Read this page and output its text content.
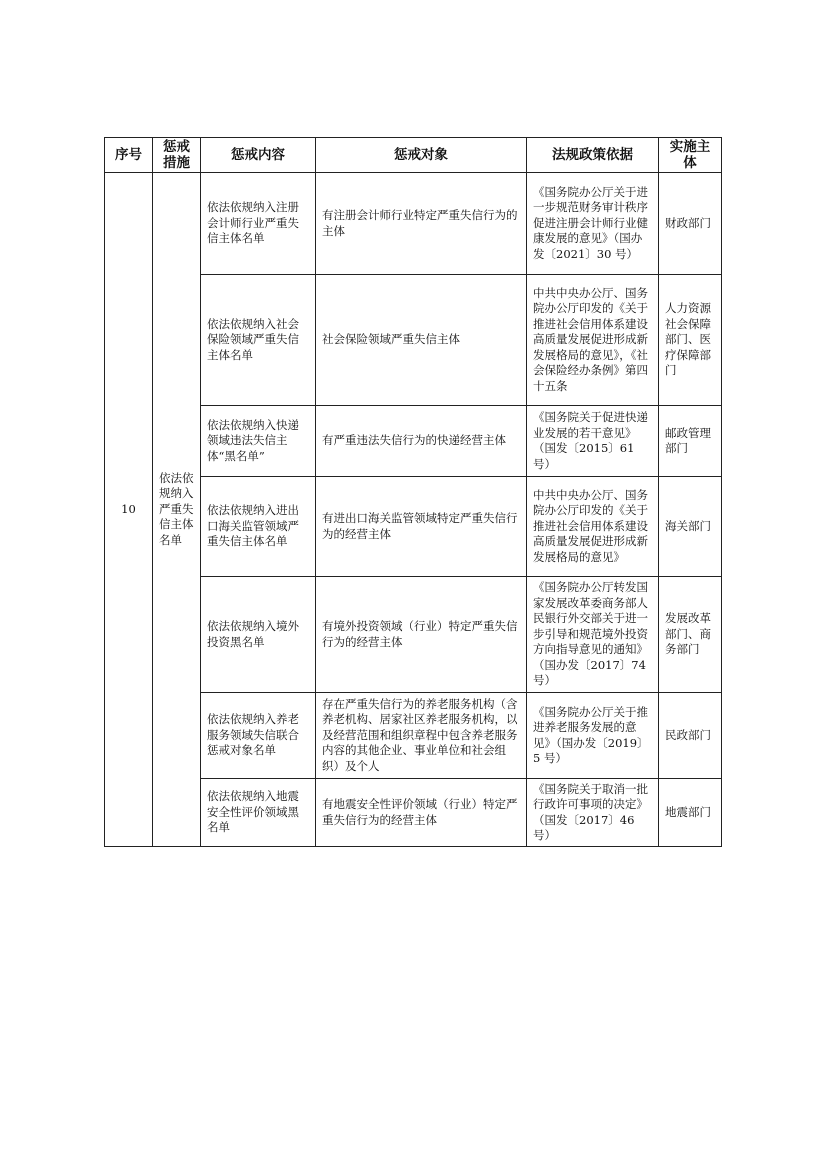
序号	惩戒措施	惩戒内容	惩戒对象	法规政策依据	实施主体
10	依法依规纳入严重失信主体名单	依法依规纳入注册会计师行业严重失信主体名单	有注册会计师行业特定严重失信行为的主体	《国务院办公厅关于进一步规范财务审计秩序促进注册会计师行业健康发展的意见》（国办发〔2021〕30 号）	财政部门
		依法依规纳入社会保险领域严重失信主体名单	社会保险领域严重失信主体	中共中央办公厅、国务院办公厅印发的《关于推进社会信用体系建设高质量发展促进形成新发展格局的意见》，《社会保险经办条例》第四十五条	人力资源社会保障部门、医疗保障部门
		依法依规纳入快递领域违法失信主体“黑名单”	有严重违法失信行为的快递经营主体	《国务院关于促进快递业发展的若干意见》（国发〔2015〕61 号）	邮政管理部门
		依法依规纳入进出口海关监管领域严重失信主体名单	有进出口海关监管领域特定严重失信行为的经营主体	中共中央办公厅、国务院办公厅印发的《关于推进社会信用体系建设高质量发展促进形成新发展格局的意见》	海关部门
		依法依规纳入境外投资黑名单	有境外投资领域（行业）特定严重失信行为的经营主体	《国务院办公厅转发国家发展改革委商务部人民银行外交部关于进一步引导和规范境外投资方向指导意见的通知》（国办发〔2017〕74 号）	发展改革部门、商务部门
		依法依规纳入养老服务领域失信联合惩戒对象名单	存在严重失信行为的养老服务机构（含养老机构、居家社区养老服务机构，以及经营范围和组织章程中包含养老服务内容的其他企业、事业单位和社会组织）及个人	《国务院办公厅关于推进养老服务发展的意见》（国办发〔2019〕5 号）	民政部门
		依法依规纳入地震安全性评价领域黑名单	有地震安全性评价领域（行业）特定严重失信行为的经营主体	《国务院关于取消一批行政许可事项的决定》（国发〔2017〕46 号）	地震部门
